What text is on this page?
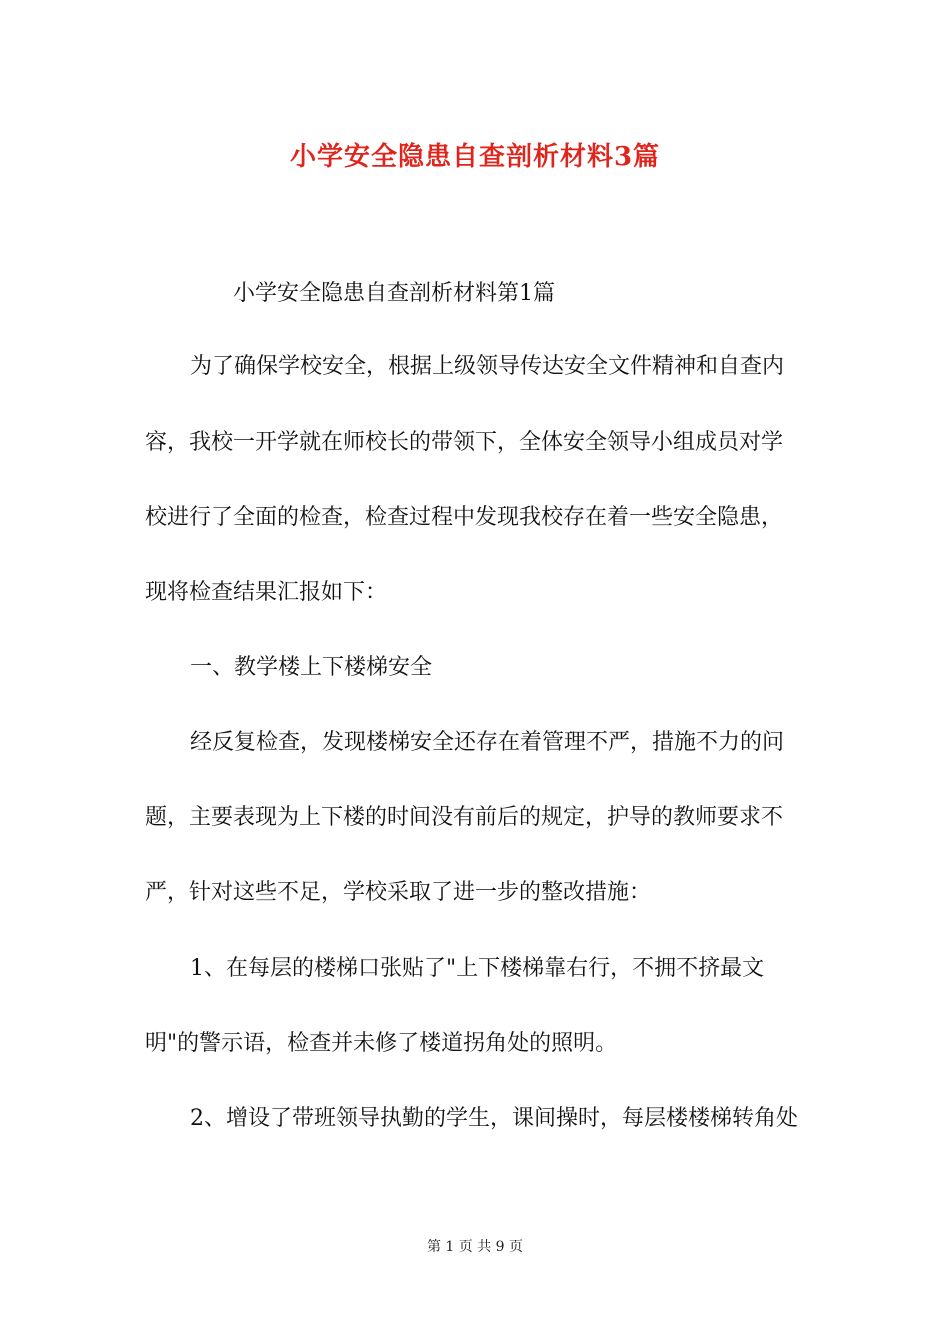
小学安全隐患自查剖析材料3篇
小学安全隐患自查剖析材料第1篇
为了确保学校安全，根据上级领导传达安全文件精神和自查内
容，我校一开学就在师校长的带领下，全体安全领导小组成员对学
校进行了全面的检查，检查过程中发现我校存在着一些安全隐患，
现将检查结果汇报如下：
一、教学楼上下楼梯安全
经反复检查，发现楼梯安全还存在着管理不严，措施不力的问
题，主要表现为上下楼的时间没有前后的规定，护导的教师要求不
严，针对这些不足，学校采取了进一步的整改措施：
1、在每层的楼梯口张贴了"上下楼梯靠右行，不拥不挤最文
明"的警示语，检查并未修了楼道拐角处的照明。
2、增设了带班领导执勤的学生，课间操时，每层楼楼梯转角处
第 1 页 共 9 页
